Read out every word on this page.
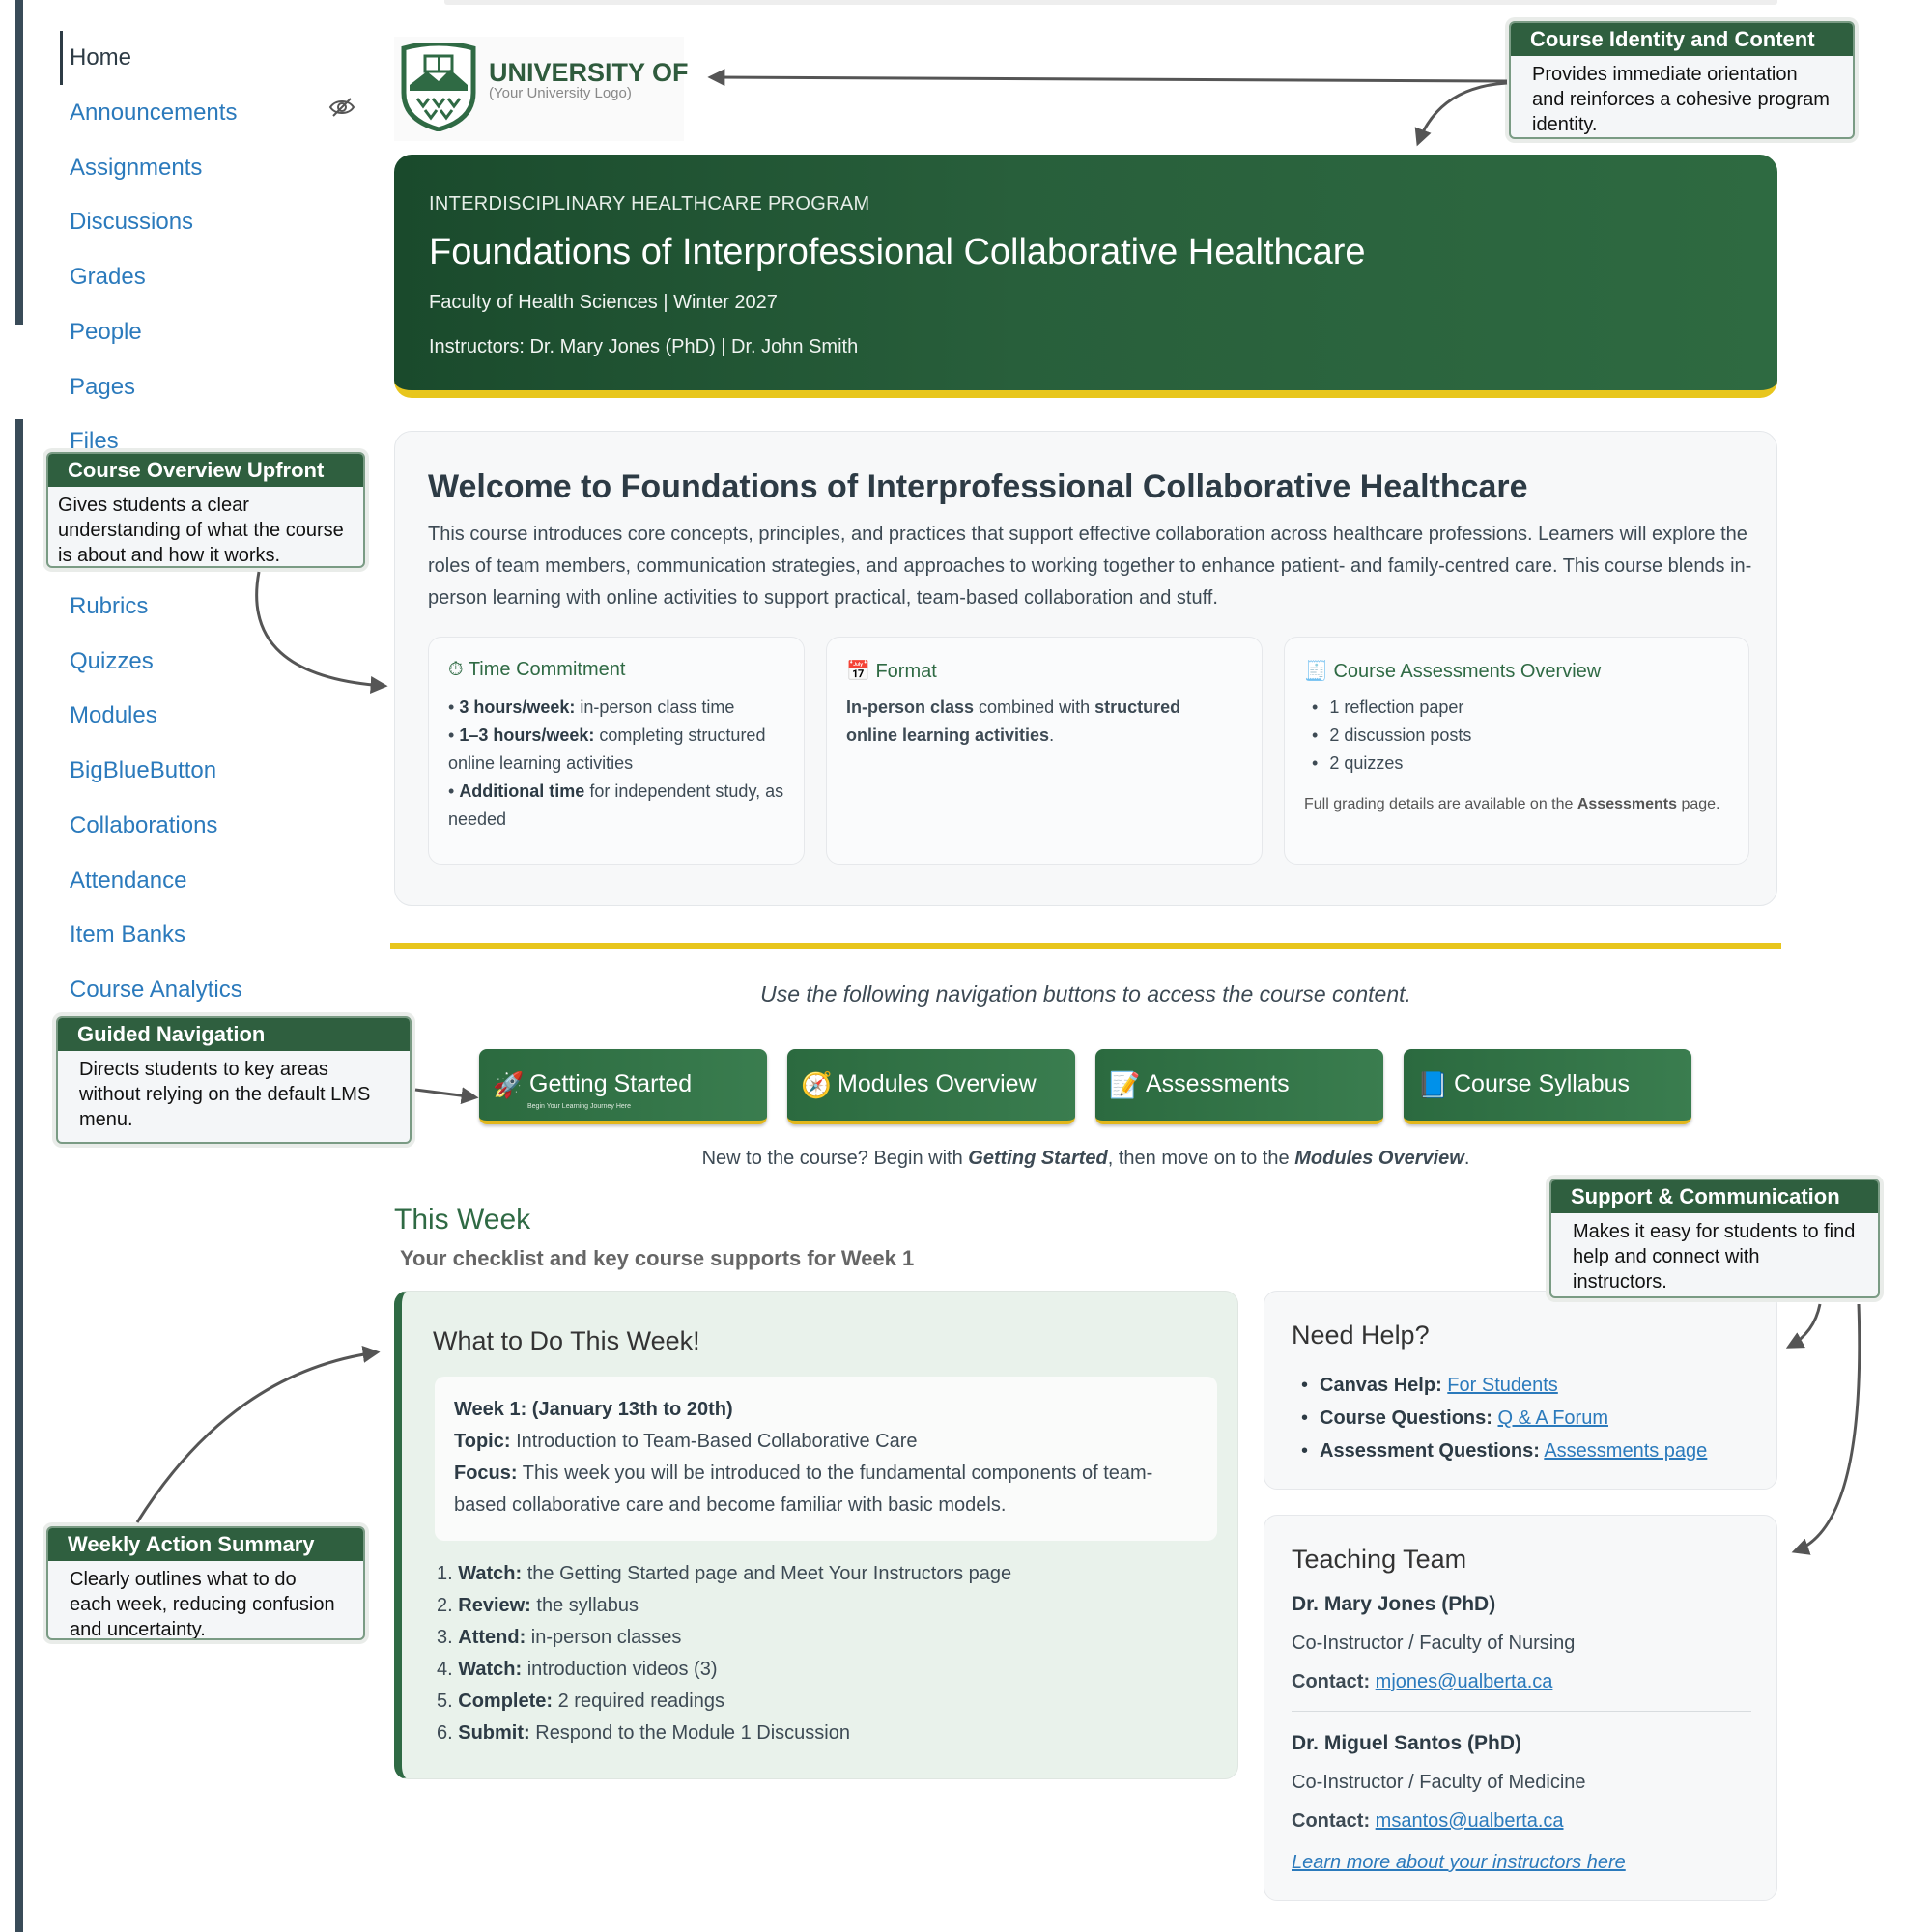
Home
Announcements
Assignments
Discussions
Grades
People
Pages
Files
Rubrics
Quizzes
Modules
BigBlueButton
Collaborations
Attendance
Item Banks
Course Analytics
UNIVERSITY OF
(Your University Logo)
INTERDISCIPLINARY HEALTHCARE PROGRAM
Foundations of Interprofessional Collaborative Healthcare
Faculty of Health Sciences | Winter 2027
Instructors: Dr. Mary Jones (PhD) | Dr. John Smith
Welcome to Foundations of Interprofessional Collaborative Healthcare

This course introduces core concepts, principles, and practices that support effective collaboration across healthcare professions. Learners will explore the roles of team members, communication strategies, and approaches to working together to enhance patient- and family-centred care. This course blends in-person learning with online activities to support practical, team-based collaboration and stuff.

⏱ Time Commitment
• 3 hours/week: in-person class time
• 1–3 hours/week: completing structured online learning activities
• Additional time for independent study, as needed
📅 Format
In-person class combined with structured online learning activities.
🧾 Course Assessments Overview
• 1 reflection paper
• 2 discussion posts
• 2 quizzes
Full grading details are available on the Assessments page.
Use the following navigation buttons to access the course content.
🚀 Getting Started
Begin Your Learning Journey Here
🧭 Modules Overview	📝 Assessments	📘 Course Syllabus
New to the course? Begin with Getting Started, then move on to the Modules Overview.
This Week
Your checklist and key course supports for Week 1
What to Do This Week!
Week 1: (January 13th to 20th)
Topic: Introduction to Team-Based Collaborative Care
Focus: This week you will be introduced to the fundamental components of team-based collaborative care and become familiar with basic models.
1. Watch: the Getting Started page and Meet Your Instructors page
2. Review: the syllabus
3. Attend: in-person classes
4. Watch: introduction videos (3)
5. Complete: 2 required readings
6. Submit: Respond to the Module 1 Discussion
Need Help?
• Canvas Help: For Students
• Course Questions: Q & A Forum
• Assessment Questions: Assessments page
Teaching Team
Dr. Mary Jones (PhD)
Co-Instructor / Faculty of Nursing
Contact: mjones@ualberta.ca
Dr. Miguel Santos (PhD)
Co-Instructor / Faculty of Medicine
Contact: msantos@ualberta.ca
Learn more about your instructors here
Course Identity and Content
Provides immediate orientation and reinforces a cohesive program identity.
Course Overview Upfront
Gives students a clear understanding of what the course is about and how it works.
Guided Navigation
Directs students to key areas without relying on the default LMS menu.
Support & Communication
Makes it easy for students to find help and connect with instructors.
Weekly Action Summary
Clearly outlines what to do each week, reducing confusion and uncertainty.
